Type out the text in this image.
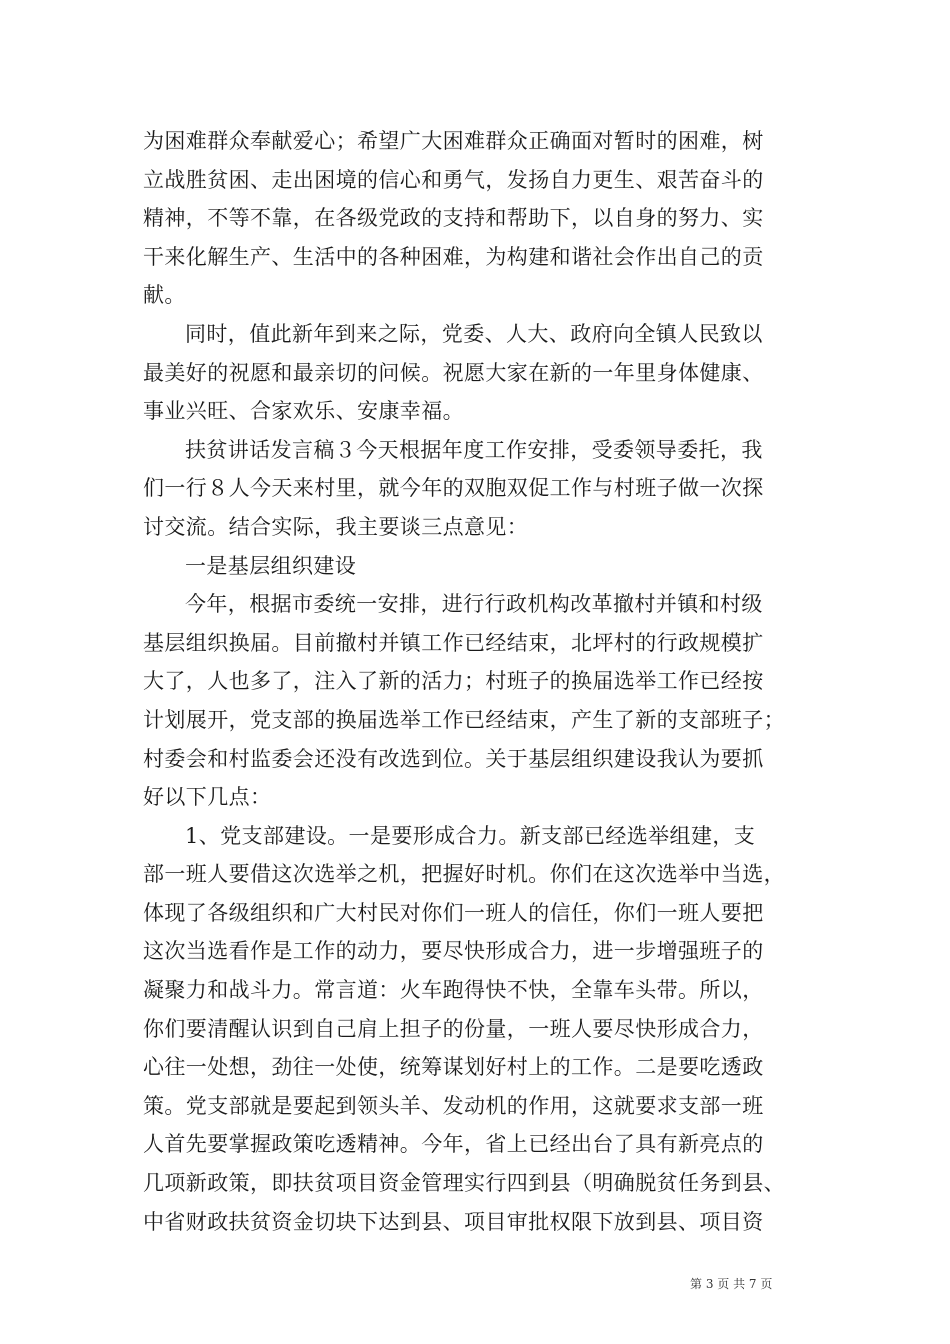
为困难群众奉献爱心；希望广大困难群众正确面对暂时的困难，树
立战胜贫困、走出困境的信心和勇气，发扬自力更生、艰苦奋斗的
精神，不等不靠，在各级党政的支持和帮助下，以自身的努力、实
干来化解生产、生活中的各种困难，为构建和谐社会作出自己的贡
献。
同时，值此新年到来之际，党委、人大、政府向全镇人民致以
最美好的祝愿和最亲切的问候。祝愿大家在新的一年里身体健康、
事业兴旺、合家欢乐、安康幸福。
扶贫讲话发言稿３今天根据年度工作安排，受委领导委托，我
们一行８人今天来村里，就今年的双胞双促工作与村班子做一次探
讨交流。结合实际，我主要谈三点意见：
一是基层组织建设
今年，根据市委统一安排，进行行政机构改革撤村并镇和村级
基层组织换届。目前撤村并镇工作已经结束，北坪村的行政规模扩
大了，人也多了，注入了新的活力；村班子的换届选举工作已经按
计划展开，党支部的换届选举工作已经结束，产生了新的支部班子；
村委会和村监委会还没有改选到位。关于基层组织建设我认为要抓
好以下几点：
1、党支部建设。一是要形成合力。新支部已经选举组建，支
部一班人要借这次选举之机，把握好时机。你们在这次选举中当选，
体现了各级组织和广大村民对你们一班人的信任，你们一班人要把
这次当选看作是工作的动力，要尽快形成合力，进一步增强班子的
凝聚力和战斗力。常言道：火车跑得快不快，全靠车头带。所以，
你们要清醒认识到自己肩上担子的份量，一班人要尽快形成合力，
心往一处想，劲往一处使，统筹谋划好村上的工作。二是要吃透政
策。党支部就是要起到领头羊、发动机的作用，这就要求支部一班
人首先要掌握政策吃透精神。今年，省上已经出台了具有新亮点的
几项新政策，即扶贫项目资金管理实行四到县（明确脱贫任务到县、
中省财政扶贫资金切块下达到县、项目审批权限下放到县、项目资
第 3 页 共 7 页
